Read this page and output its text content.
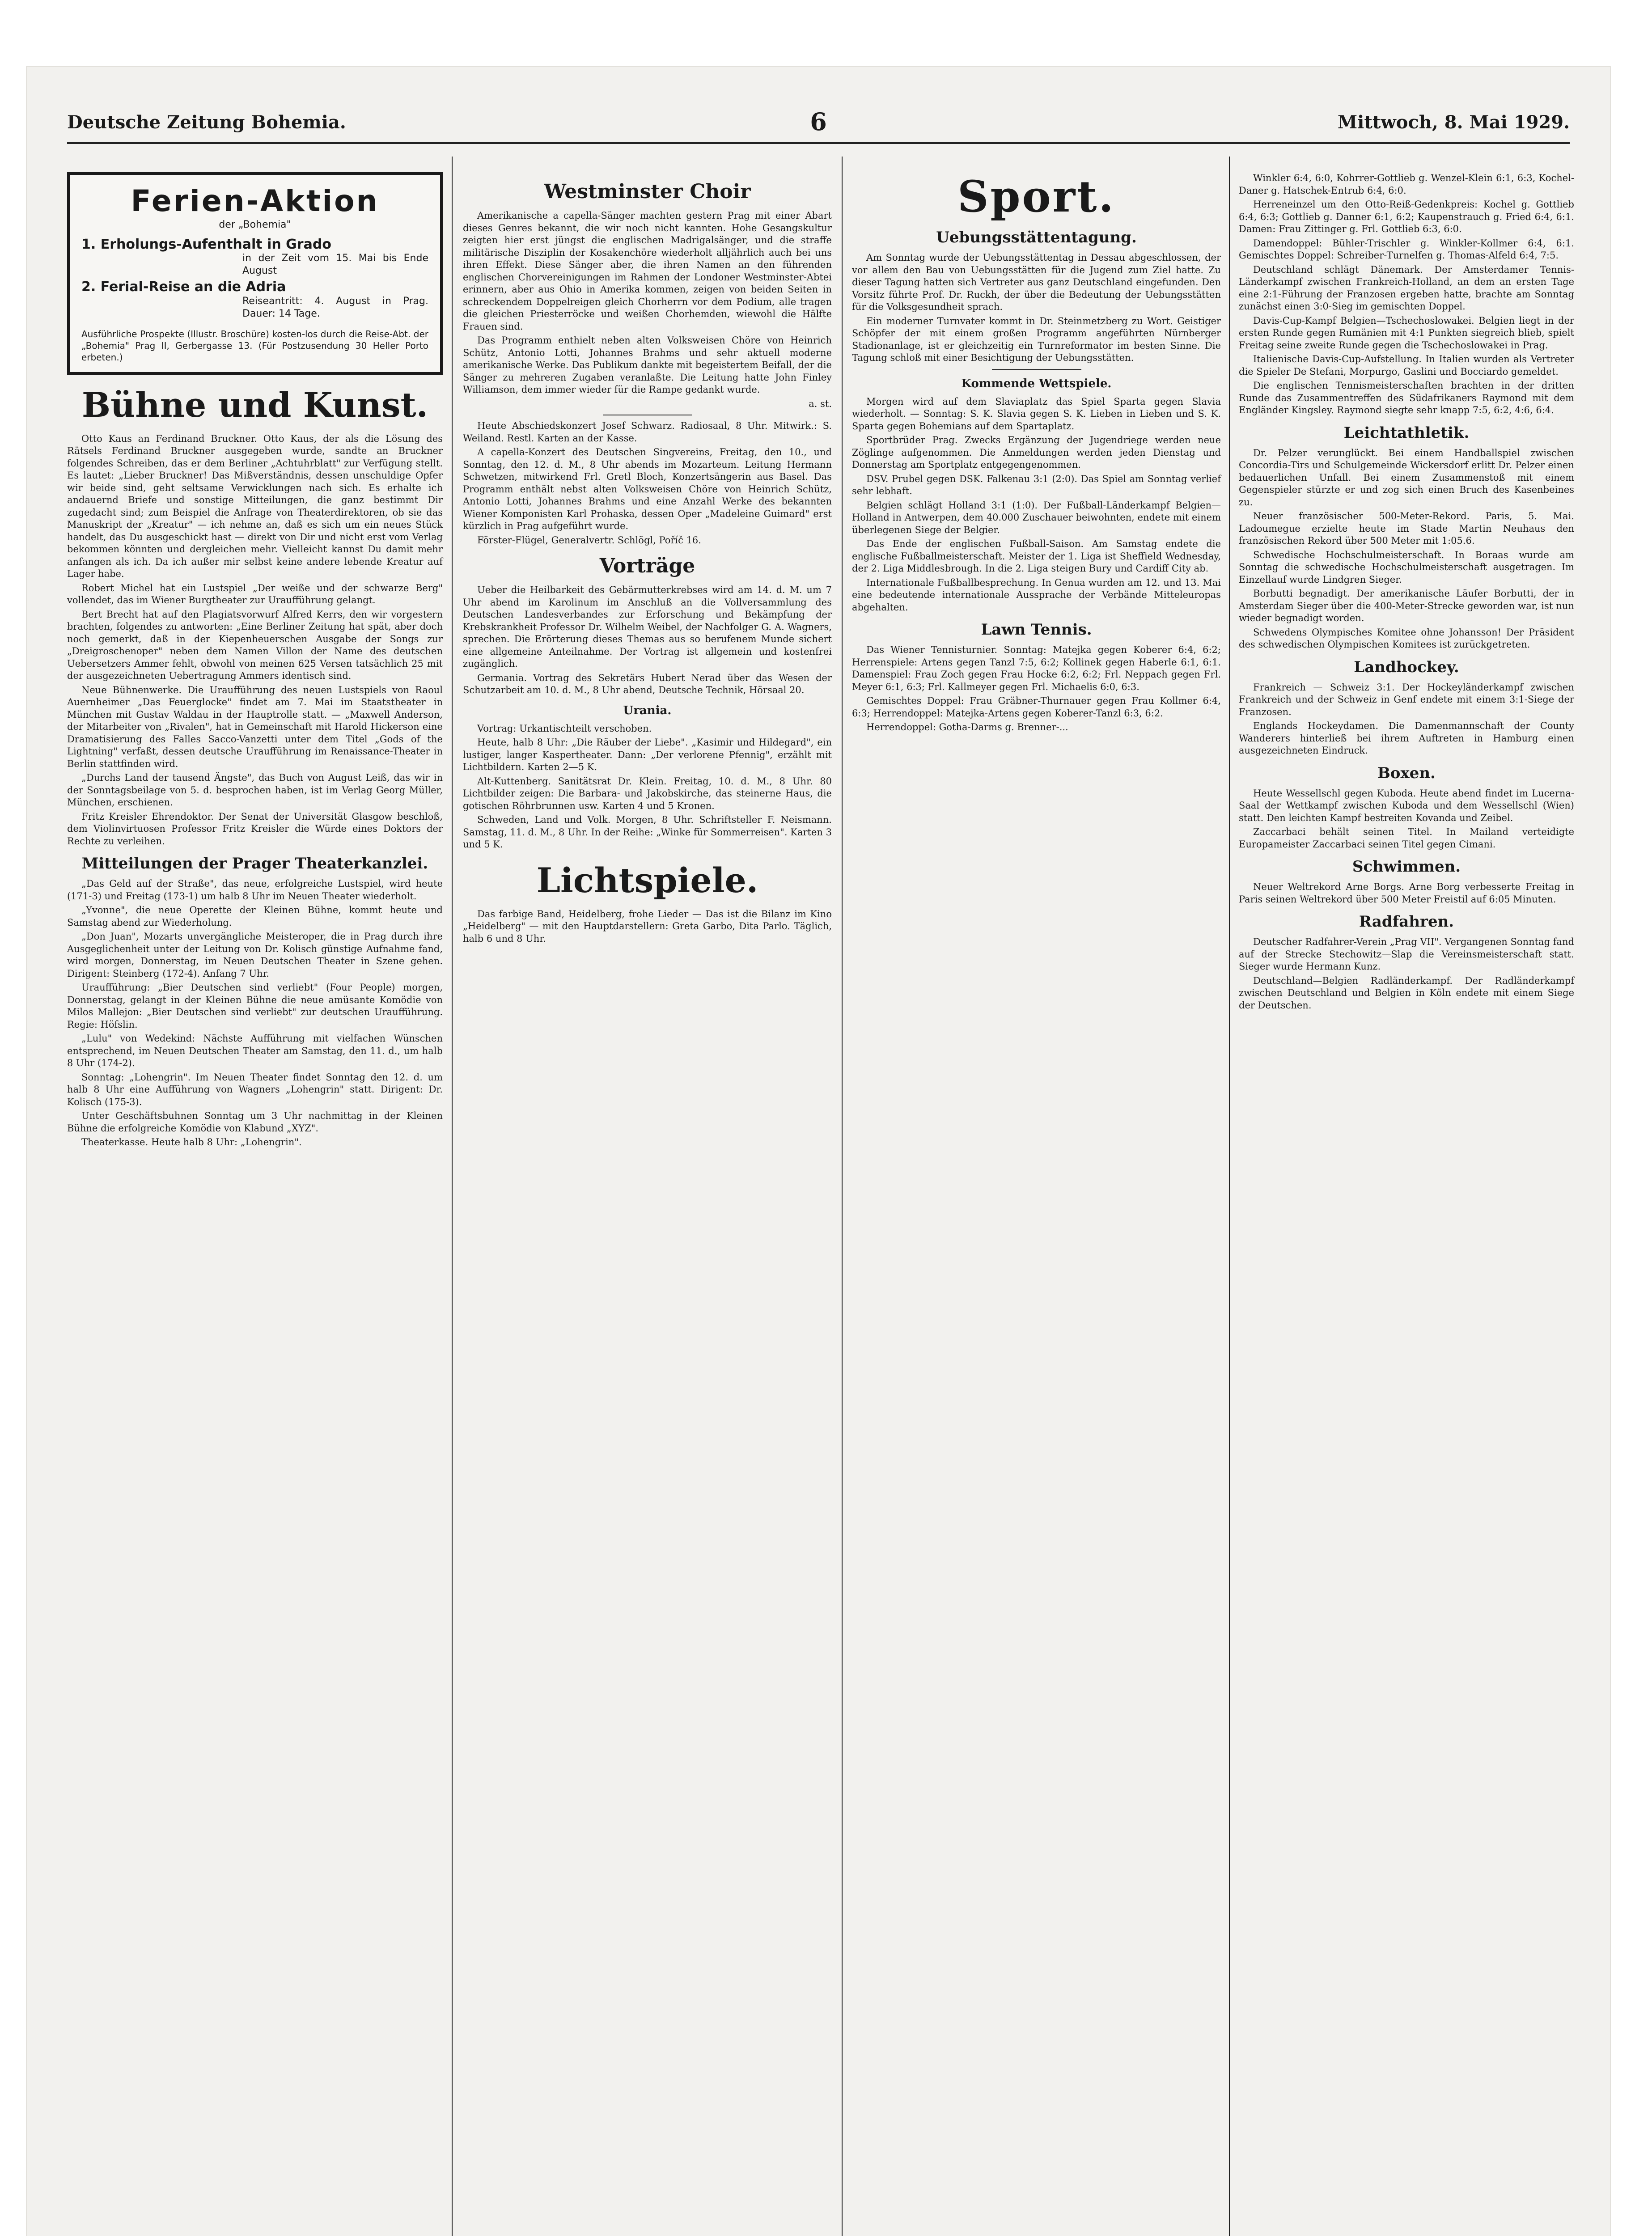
Deutsche Zeitung Bohemia.	6	Mittwoch, 8. Mai 1929.
Ferien-Aktion
der „Bohemia"
1. Erholungs-Aufenthalt in Grado
in der Zeit vom 15. Mai bis Ende August
2. Ferial-Reise an die Adria
Reiseantritt: 4. August in Prag. Dauer: 14 Tage.
Ausführliche Prospekte (Illustr. Broschüre) kosten-los durch die Reise-Abt. der „Bohemia" Prag II, Gerbergasse 13. (Für Postzusendung 30 Heller Porto erbeten.)
Bühne und Kunst.

Otto Kaus an Ferdinand Bruckner. Otto Kaus, der als die Lösung des Rätsels Ferdinand Bruckner ausgegeben wurde, sandte an Bruckner folgendes Schreiben, das er dem Berliner „Achtuhrblatt" zur Verfügung stellt. Es lautet: „Lieber Bruckner! Das Mißverständnis, dessen unschuldige Opfer wir beide sind, geht seltsame Verwicklungen nach sich. Es erhalte ich andauernd Briefe und sonstige Mitteilungen, die ganz bestimmt Dir zugedacht sind; zum Beispiel die Anfrage von Theaterdirektoren, ob sie das Manuskript der „Kreatur" — ich nehme an, daß es sich um ein neues Stück handelt, das Du ausgeschickt hast — direkt von Dir und nicht erst vom Verlag bekommen könnten und dergleichen mehr. Vielleicht kannst Du damit mehr anfangen als ich. Da ich außer mir selbst keine andere lebende Kreatur auf Lager habe.

Robert Michel hat ein Lustspiel „Der weiße und der schwarze Berg" vollendet, das im Wiener Burgtheater zur Uraufführung gelangt.

Bert Brecht hat auf den Plagiatsvorwurf Alfred Kerrs, den wir vorgestern brachten, folgendes zu antworten: „Eine Berliner Zeitung hat spät, aber doch noch gemerkt, daß in der Kiepenheuerschen Ausgabe der Songs zur „Dreigroschenoper" neben dem Namen Villon der Name des deutschen Uebersetzers Ammer fehlt, obwohl von meinen 625 Versen tatsächlich 25 mit der ausgezeichneten Uebertragung Ammers identisch sind.

Neue Bühnenwerke. Die Uraufführung des neuen Lustspiels von Raoul Auernheimer „Das Feuerglocke" findet am 7. Mai im Staatstheater in München mit Gustav Waldau in der Hauptrolle statt. — „Maxwell Anderson, der Mitarbeiter von „Rivalen", hat in Gemeinschaft mit Harold Hickerson eine Dramatisierung des Falles Sacco-Vanzetti unter dem Titel „Gods of the Lightning" verfaßt, dessen deutsche Uraufführung im Renaissance-Theater in Berlin stattfinden wird.

„Durchs Land der tausend Ängste", das Buch von August Leiß, das wir in der Sonntagsbeilage von 5. d. besprochen haben, ist im Verlag Georg Müller, München, erschienen.

Fritz Kreisler Ehrendoktor. Der Senat der Universität Glasgow beschloß, dem Violinvirtuosen Professor Fritz Kreisler die Würde eines Doktors der Rechte zu verleihen.

Mitteilungen der Prager Theaterkanzlei.

„Das Geld auf der Straße", das neue, erfolgreiche Lustspiel, wird heute (171-3) und Freitag (173-1) um halb 8 Uhr im Neuen Theater wiederholt.

„Yvonne", die neue Operette der Kleinen Bühne, kommt heute und Samstag abend zur Wiederholung.

„Don Juan", Mozarts unvergängliche Meisteroper, die in Prag durch ihre Ausgeglichenheit unter der Leitung von Dr. Kolisch günstige Aufnahme fand, wird morgen, Donnerstag, im Neuen Deutschen Theater in Szene gehen. Dirigent: Steinberg (172-4). Anfang 7 Uhr.

Uraufführung: „Bier Deutschen sind verliebt" (Four People) morgen, Donnerstag, gelangt in der Kleinen Bühne die neue amüsante Komödie von Milos Mallejon: „Bier Deutschen sind verliebt" zur deutschen Uraufführung. Regie: Höfslin.

„Lulu" von Wedekind: Nächste Aufführung mit vielfachen Wünschen entsprechend, im Neuen Deutschen Theater am Samstag, den 11. d., um halb 8 Uhr (174-2).

Sonntag: „Lohengrin". Im Neuen Theater findet Sonntag den 12. d. um halb 8 Uhr eine Aufführung von Wagners „Lohengrin" statt. Dirigent: Dr. Kolisch (175-3).

Unter Geschäftsbuhnen Sonntag um 3 Uhr nachmittag in der Kleinen Bühne die erfolgreiche Komödie von Klabund „XYZ".

Theaterkasse. Heute halb 8 Uhr: „Lohengrin".

Westminster Choir

Amerikanische a capella-Sänger machten gestern Prag mit einer Abart dieses Genres bekannt, die wir noch nicht kannten. Hohe Gesangskultur zeigten hier erst jüngst die englischen Madrigalsänger, und die straffe militärische Disziplin der Kosakenchöre wiederholt alljährlich auch bei uns ihren Effekt. Diese Sänger aber, die ihren Namen an den führenden englischen Chorvereinigungen im Rahmen der Londoner Westminster-Abtei erinnern, aber aus Ohio in Amerika kommen, zeigen von beiden Seiten in schreckendem Doppelreigen gleich Chorherrn vor dem Podium, alle tragen die gleichen Priesterröcke und weißen Chorhemden, wiewohl die Hälfte Frauen sind.

Das Programm enthielt neben alten Volksweisen Chöre von Heinrich Schütz, Antonio Lotti, Johannes Brahms und sehr aktuell moderne amerikanische Werke. Das Publikum dankte mit begeistertem Beifall, der die Sänger zu mehreren Zugaben veranlaßte. Die Leitung hatte John Finley Williamson, dem immer wieder für die Rampe gedankt wurde.

a. st.

Heute Abschiedskonzert Josef Schwarz. Radiosaal, 8 Uhr. Mitwirk.: S. Weiland. Restl. Karten an der Kasse.

A capella-Konzert des Deutschen Singvereins, Freitag, den 10., und Sonntag, den 12. d. M., 8 Uhr abends im Mozarteum. Leitung Hermann Schwetzen, mitwirkend Frl. Gretl Bloch, Konzertsängerin aus Basel. Das Programm enthält nebst alten Volksweisen Chöre von Heinrich Schütz, Antonio Lotti, Johannes Brahms und eine Anzahl Werke des bekannten Wiener Komponisten Karl Prohaska, dessen Oper „Madeleine Guimard" erst kürzlich in Prag aufgeführt wurde.

Förster-Flügel, Generalvertr. Schlögl, Poříč 16.

Vorträge

Ueber die Heilbarkeit des Gebärmutterkrebses wird am 14. d. M. um 7 Uhr abend im Karolinum im Anschluß an die Vollversammlung des Deutschen Landesverbandes zur Erforschung und Bekämpfung der Krebskrankheit Professor Dr. Wilhelm Weibel, der Nachfolger G. A. Wagners, sprechen. Die Erörterung dieses Themas aus so berufenem Munde sichert eine allgemeine Anteilnahme. Der Vortrag ist allgemein und kostenfrei zugänglich.

Germania. Vortrag des Sekretärs Hubert Nerad über das Wesen der Schutzarbeit am 10. d. M., 8 Uhr abend, Deutsche Technik, Hörsaal 20.

Urania.

Vortrag: Urkantischteilt verschoben.

Heute, halb 8 Uhr: „Die Räuber der Liebe". „Kasimir und Hildegard", ein lustiger, langer Kaspertheater. Dann: „Der verlorene Pfennig", erzählt mit Lichtbildern. Karten 2—5 K.

Alt-Kuttenberg. Sanitätsrat Dr. Klein. Freitag, 10. d. M., 8 Uhr. 80 Lichtbilder zeigen: Die Barbara- und Jakobskirche, das steinerne Haus, die gotischen Röhrbrunnen usw. Karten 4 und 5 Kronen.

Schweden, Land und Volk. Morgen, 8 Uhr. Schriftsteller F. Neismann. Samstag, 11. d. M., 8 Uhr. In der Reihe: „Winke für Sommerreisen". Karten 3 und 5 K.

Lichtspiele.

Das farbige Band, Heidelberg, frohe Lieder — Das ist die Bilanz im Kino „Heidelberg" — mit den Hauptdarstellern: Greta Garbo, Dita Parlo. Täglich, halb 6 und 8 Uhr.

Sport.
Uebungsstättentagung.

Am Sonntag wurde der Uebungsstättentag in Dessau abgeschlossen, der vor allem den Bau von Uebungsstätten für die Jugend zum Ziel hatte. Zu dieser Tagung hatten sich Vertreter aus ganz Deutschland eingefunden. Den Vorsitz führte Prof. Dr. Ruckh, der über die Bedeutung der Uebungsstätten für die Volksgesundheit sprach.

Ein moderner Turnvater kommt in Dr. Steinmetzberg zu Wort. Geistiger Schöpfer der mit einem großen Programm angeführten Nürnberger Stadionanlage, ist er gleichzeitig ein Turnreformator im besten Sinne. Die Tagung schloß mit einer Besichtigung der Uebungsstätten.

Kommende Wettspiele.

Morgen wird auf dem Slaviaplatz das Spiel Sparta gegen Slavia wiederholt. — Sonntag: S. K. Slavia gegen S. K. Lieben in Lieben und S. K. Sparta gegen Bohemians auf dem Spartaplatz.

Sportbrüder Prag. Zwecks Ergänzung der Jugendriege werden neue Zöglinge aufgenommen. Die Anmeldungen werden jeden Dienstag und Donnerstag am Sportplatz entgegengenommen.

DSV. Prubel gegen DSK. Falkenau 3:1 (2:0). Das Spiel am Sonntag verlief sehr lebhaft.

Belgien schlägt Holland 3:1 (1:0). Der Fußball-Länderkampf Belgien—Holland in Antwerpen, dem 40.000 Zuschauer beiwohnten, endete mit einem überlegenen Siege der Belgier.

Das Ende der englischen Fußball-Saison. Am Samstag endete die englische Fußballmeisterschaft. Meister der 1. Liga ist Sheffield Wednesday, der 2. Liga Middlesbrough. In die 2. Liga steigen Bury und Cardiff City ab.

Internationale Fußballbesprechung. In Genua wurden am 12. und 13. Mai eine bedeutende internationale Aussprache der Verbände Mitteleuropas abgehalten.

Lawn Tennis.

Das Wiener Tennisturnier. Sonntag: Matejka gegen Koberer 6:4, 6:2; Herrenspiele: Artens gegen Tanzl 7:5, 6:2; Kollinek gegen Haberle 6:1, 6:1. Damenspiel: Frau Zoch gegen Frau Hocke 6:2, 6:2; Frl. Neppach gegen Frl. Meyer 6:1, 6:3; Frl. Kallmeyer gegen Frl. Michaelis 6:0, 6:3.

Gemischtes Doppel: Frau Gräbner-Thurnauer gegen Frau Kollmer 6:4, 6:3; Herrendoppel: Matejka-Artens gegen Koberer-Tanzl 6:3, 6:2.

Herrendoppel: Gotha-Darms g. Brenner-...

Winkler 6:4, 6:0, Kohrrer-Gottlieb g. Wenzel-Klein 6:1, 6:3, Kochel-Daner g. Hatschek-Entrub 6:4, 6:0.

Herreneinzel um den Otto-Reiß-Gedenkpreis: Kochel g. Gottlieb 6:4, 6:3; Gottlieb g. Danner 6:1, 6:2; Kaupenstrauch g. Fried 6:4, 6:1. Damen: Frau Zittinger g. Frl. Gottlieb 6:3, 6:0.

Damendoppel: Bühler-Trischler g. Winkler-Kollmer 6:4, 6:1. Gemischtes Doppel: Schreiber-Turnelfen g. Thomas-Alfeld 6:4, 7:5.

Deutschland schlägt Dänemark. Der Amsterdamer Tennis-Länderkampf zwischen Frankreich-Holland, an dem an ersten Tage eine 2:1-Führung der Franzosen ergeben hatte, brachte am Sonntag zunächst einen 3:0-Sieg im gemischten Doppel.

Davis-Cup-Kampf Belgien—Tschechoslowakei. Belgien liegt in der ersten Runde gegen Rumänien mit 4:1 Punkten siegreich blieb, spielt Freitag seine zweite Runde gegen die Tschechoslowakei in Prag.

Italienische Davis-Cup-Aufstellung. In Italien wurden als Vertreter die Spieler De Stefani, Morpurgo, Gaslini und Bocciardo gemeldet.

Die englischen Tennismeisterschaften brachten in der dritten Runde das Zusammentreffen des Südafrikaners Raymond mit dem Engländer Kingsley. Raymond siegte sehr knapp 7:5, 6:2, 4:6, 6:4.

Leichtathletik.

Dr. Pelzer verunglückt. Bei einem Handballspiel zwischen Concordia-Tirs und Schulgemeinde Wickersdorf erlitt Dr. Pelzer einen bedauerlichen Unfall. Bei einem Zusammenstoß mit einem Gegenspieler stürzte er und zog sich einen Bruch des Kasenbeines zu.

Neuer französischer 500-Meter-Rekord. Paris, 5. Mai. Ladoumegue erzielte heute im Stade Martin Neuhaus den französischen Rekord über 500 Meter mit 1:05.6.

Schwedische Hochschulmeisterschaft. In Boraas wurde am Sonntag die schwedische Hochschulmeisterschaft ausgetragen. Im Einzellauf wurde Lindgren Sieger.

Borbutti begnadigt. Der amerikanische Läufer Borbutti, der in Amsterdam Sieger über die 400-Meter-Strecke geworden war, ist nun wieder begnadigt worden.

Schwedens Olympisches Komitee ohne Johansson! Der Präsident des schwedischen Olympischen Komitees ist zurückgetreten.

Landhockey.

Frankreich — Schweiz 3:1. Der Hockeyländerkampf zwischen Frankreich und der Schweiz in Genf endete mit einem 3:1-Siege der Franzosen.

Englands Hockeydamen. Die Damenmannschaft der County Wanderers hinterließ bei ihrem Auftreten in Hamburg einen ausgezeichneten Eindruck.

Boxen.

Heute Wessellschl gegen Kuboda. Heute abend findet im Lucerna-Saal der Wettkampf zwischen Kuboda und dem Wessellschl (Wien) statt. Den leichten Kampf bestreiten Kovanda und Zeibel.

Zaccarbaci behält seinen Titel. In Mailand verteidigte Europameister Zaccarbaci seinen Titel gegen Cimani.

Schwimmen.

Neuer Weltrekord Arne Borgs. Arne Borg verbesserte Freitag in Paris seinen Weltrekord über 500 Meter Freistil auf 6:05 Minuten.

Radfahren.

Deutscher Radfahrer-Verein „Prag VII". Vergangenen Sonntag fand auf der Strecke Stechowitz—Slap die Vereinsmeisterschaft statt. Sieger wurde Hermann Kunz.

Deutschland—Belgien Radländerkampf. Der Radländerkampf zwischen Deutschland und Belgien in Köln endete mit einem Siege der Deutschen.
